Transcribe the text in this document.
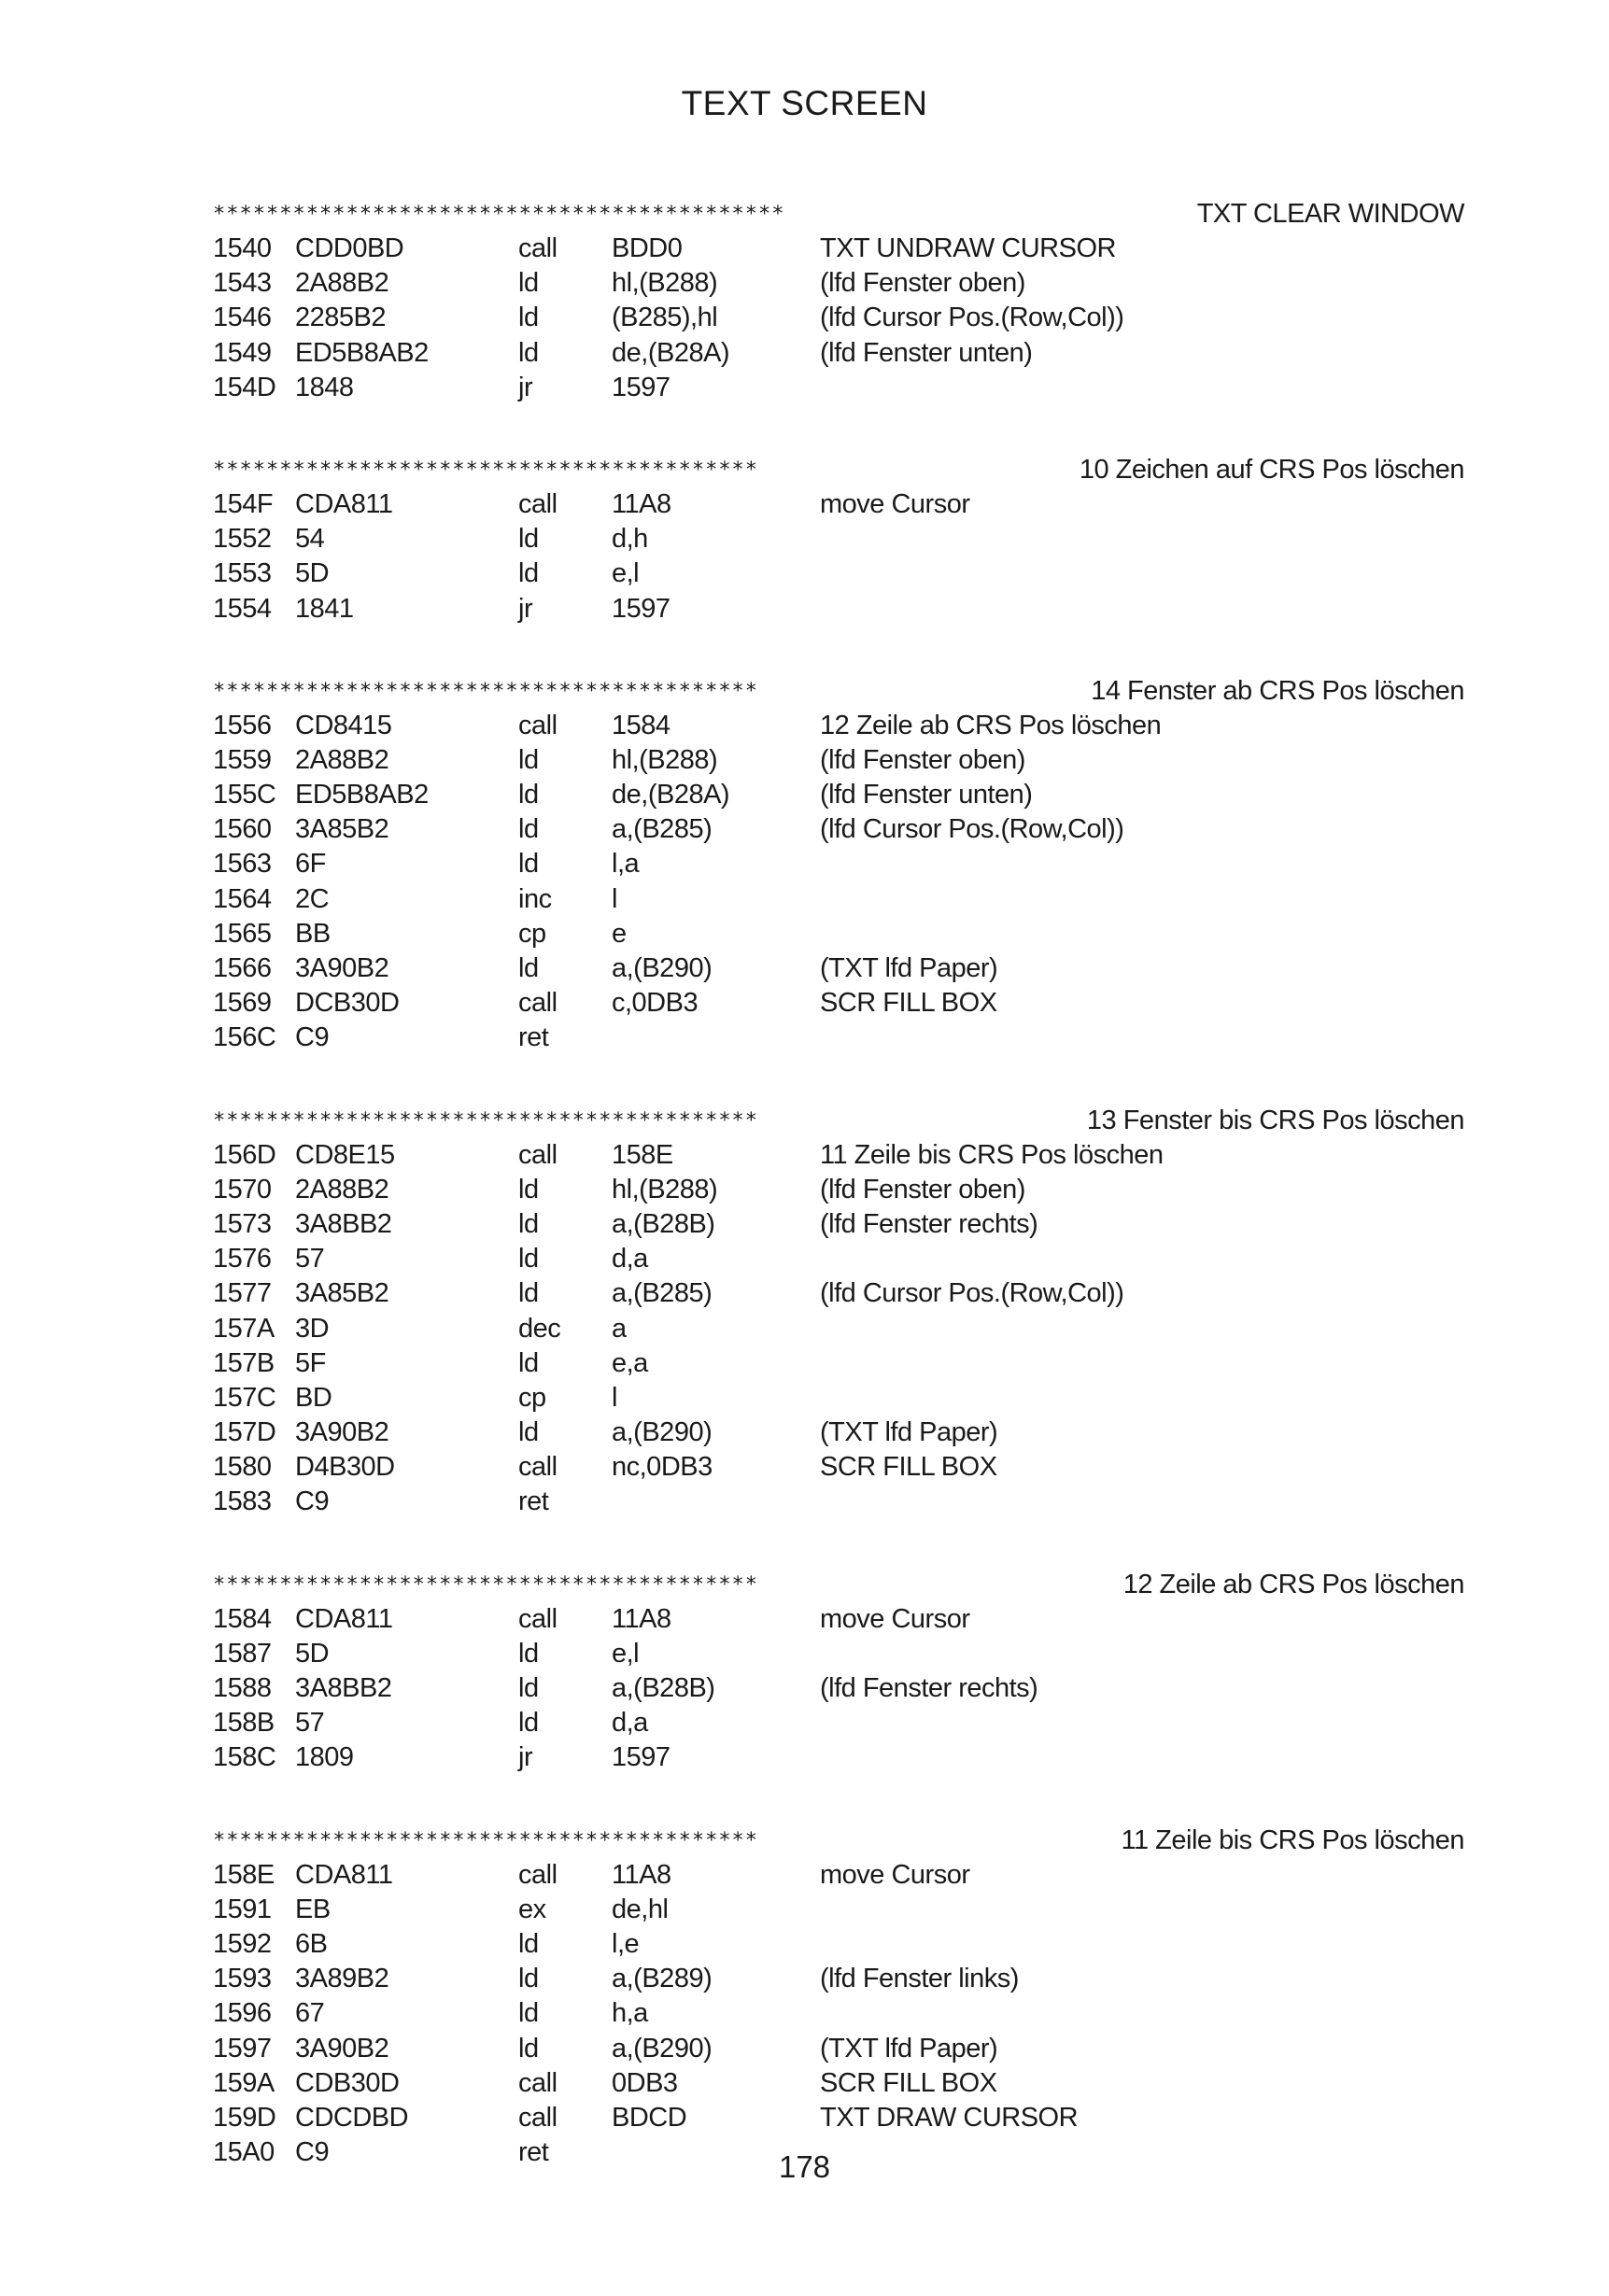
TEXT SCREEN
*******************************************	TXT CLEAR WINDOW
1540 CDD0BD	call BDD0	TXT UNDRAW CURSOR
1543 2A88B2	ld	hl,(B288)	(lfd Fenster oben)
1546 2285B2	ld	(B285),hl	(lfd Cursor Pos.(Row,Col))
1549 ED5B8AB2	ld	de,(B28A)	(lfd Fenster unten)
154D 1848	jr	1597
*****************************************	10 Zeichen auf CRS Pos löschen
154F CDA811	call 11A8	move Cursor
1552 54	ld	d,h
1553 5D	ld	e,l
1554 1841	jr	1597
*****************************************	14 Fenster ab CRS Pos löschen
1556 CD8415	call 1584	12 Zeile ab CRS Pos löschen
1559 2A88B2	ld	hl,(B288)	(lfd Fenster oben)
155C ED5B8AB2	ld	de,(B28A)	(lfd Fenster unten)
1560 3A85B2	ld	a,(B285)	(lfd Cursor Pos.(Row,Col))
1563 6F	ld	l,a
1564 2C	inc l
1565 BB	cp e
1566 3A90B2	ld	a,(B290)	(TXT lfd Paper)
1569 DCB30D	call c,0DB3	SCR FILL BOX
156C C9	ret
*****************************************	13 Fenster bis CRS Pos löschen
156D CD8E15	call 158E	11 Zeile bis CRS Pos löschen
1570 2A88B2	ld	hl,(B288)	(lfd Fenster oben)
1573 3A8BB2	ld	a,(B28B)	(lfd Fenster rechts)
1576 57	ld	d,a
1577 3A85B2	ld	a,(B285)	(lfd Cursor Pos.(Row,Col))
157A 3D	dec a
157B 5F	ld	e,a
157C BD	cp l
157D 3A90B2	ld	a,(B290)	(TXT lfd Paper)
1580 D4B30D	call nc,0DB3	SCR FILL BOX
1583 C9	ret
*****************************************	12 Zeile ab CRS Pos löschen
1584 CDA811	call 11A8	move Cursor
1587 5D	ld	e,l
1588 3A8BB2	ld	a,(B28B)	(lfd Fenster rechts)
158B 57	ld	d,a
158C 1809	jr	1597
*****************************************	11 Zeile bis CRS Pos löschen
158E CDA811	call 11A8	move Cursor
1591 EB	ex de,hl
1592 6B	ld	l,e
1593 3A89B2	ld	a,(B289)	(lfd Fenster links)
1596 67	ld	h,a
1597 3A90B2	ld	a,(B290)	(TXT lfd Paper)
159A CDB30D	call 0DB3	SCR FILL BOX
159D CDCDBD	call BDCD	TXT DRAW CURSOR
15A0 C9	ret	178
